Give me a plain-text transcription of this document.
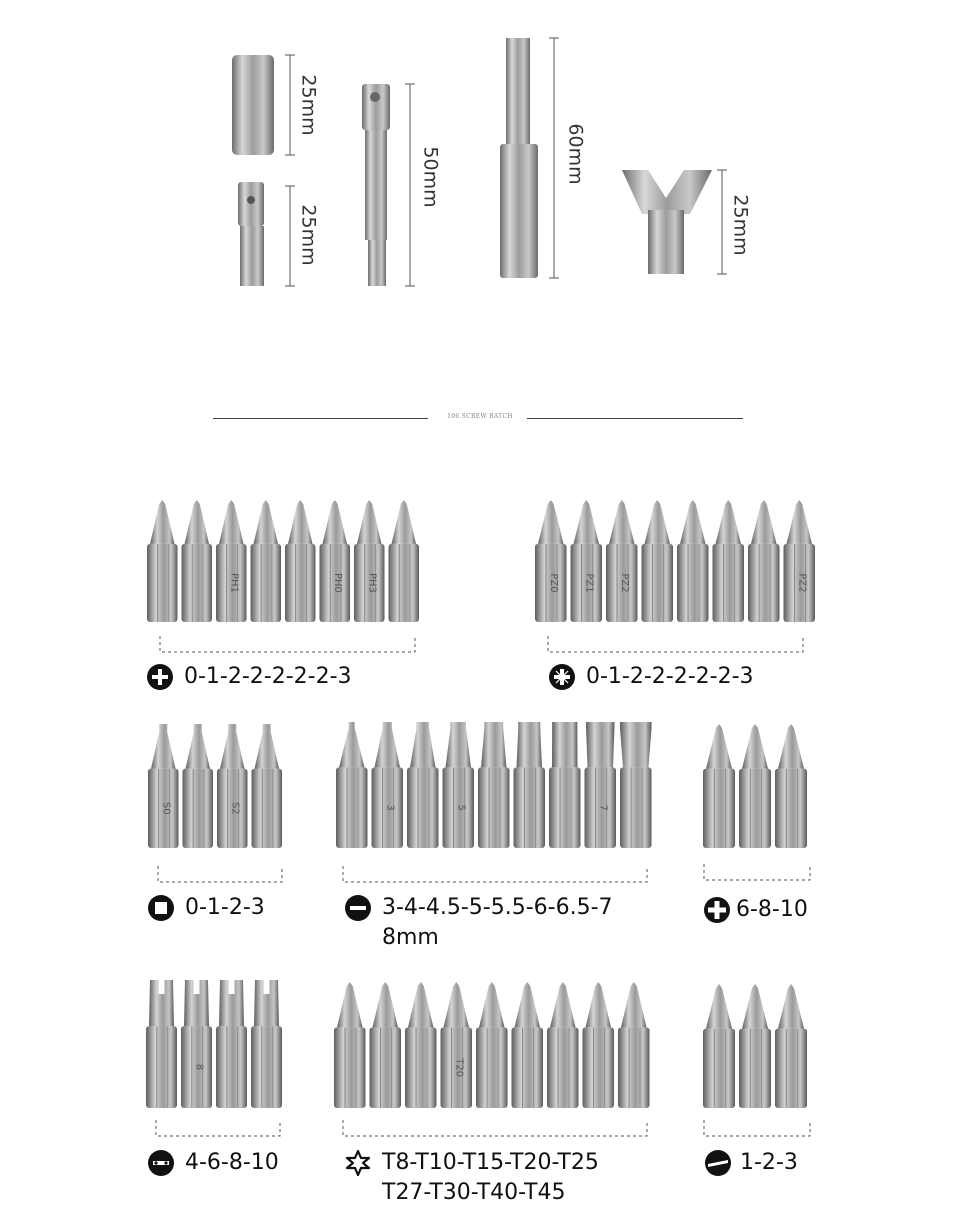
25mm
25mm
50mm	60mm
25mm
106 SCREW BATCH
PH1	PH0 PH3	PZ0 PZ1 PZ2	PZ2
S0	S2	3	5	7
8	T20
0-1-2-2-2-2-2-3	0-1-2-2-2-2-2-3
0-1-2-3	3-4-4.5-5-5.5-6-6.5-7
8mm
6-8-10
4-6-8-10	T8-T10-T15-T20-T25
T27-T30-T40-T45
1-2-3
